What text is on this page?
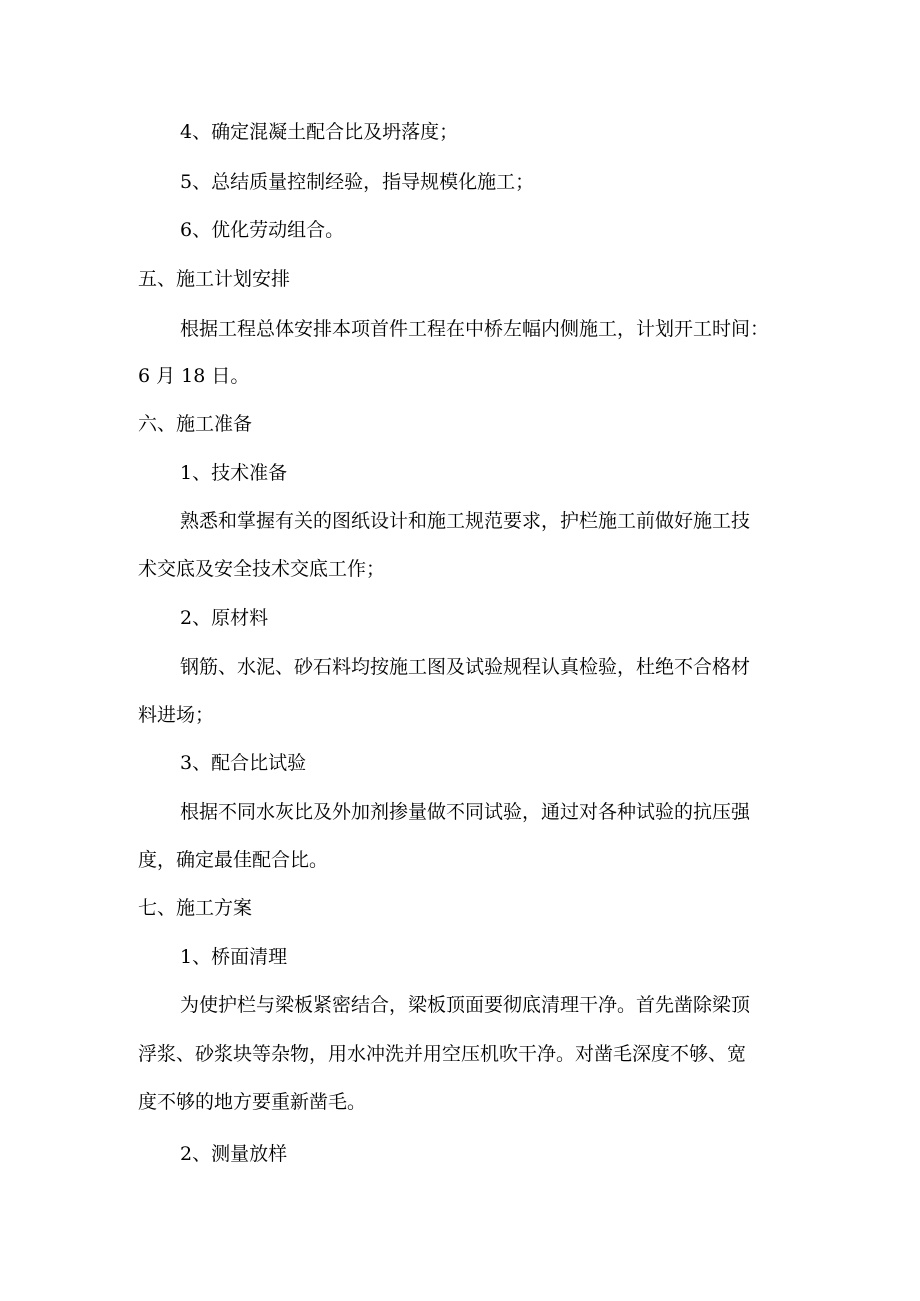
4、确定混凝土配合比及坍落度；
5、总结质量控制经验，指导规模化施工；
6、优化劳动组合。
五、施工计划安排
根据工程总体安排本项首件工程在中桥左幅内侧施工，计划开工时间：
6 月 18 日。
六、施工准备
1、技术准备
熟悉和掌握有关的图纸设计和施工规范要求，护栏施工前做好施工技
术交底及安全技术交底工作；
2、原材料
钢筋、水泥、砂石料均按施工图及试验规程认真检验，杜绝不合格材
料进场；
3、配合比试验
根据不同水灰比及外加剂掺量做不同试验，通过对各种试验的抗压强
度，确定最佳配合比。
七、施工方案
1、桥面清理
为使护栏与梁板紧密结合，梁板顶面要彻底清理干净。首先凿除梁顶
浮浆、砂浆块等杂物，用水冲洗并用空压机吹干净。对凿毛深度不够、宽
度不够的地方要重新凿毛。
2、测量放样
